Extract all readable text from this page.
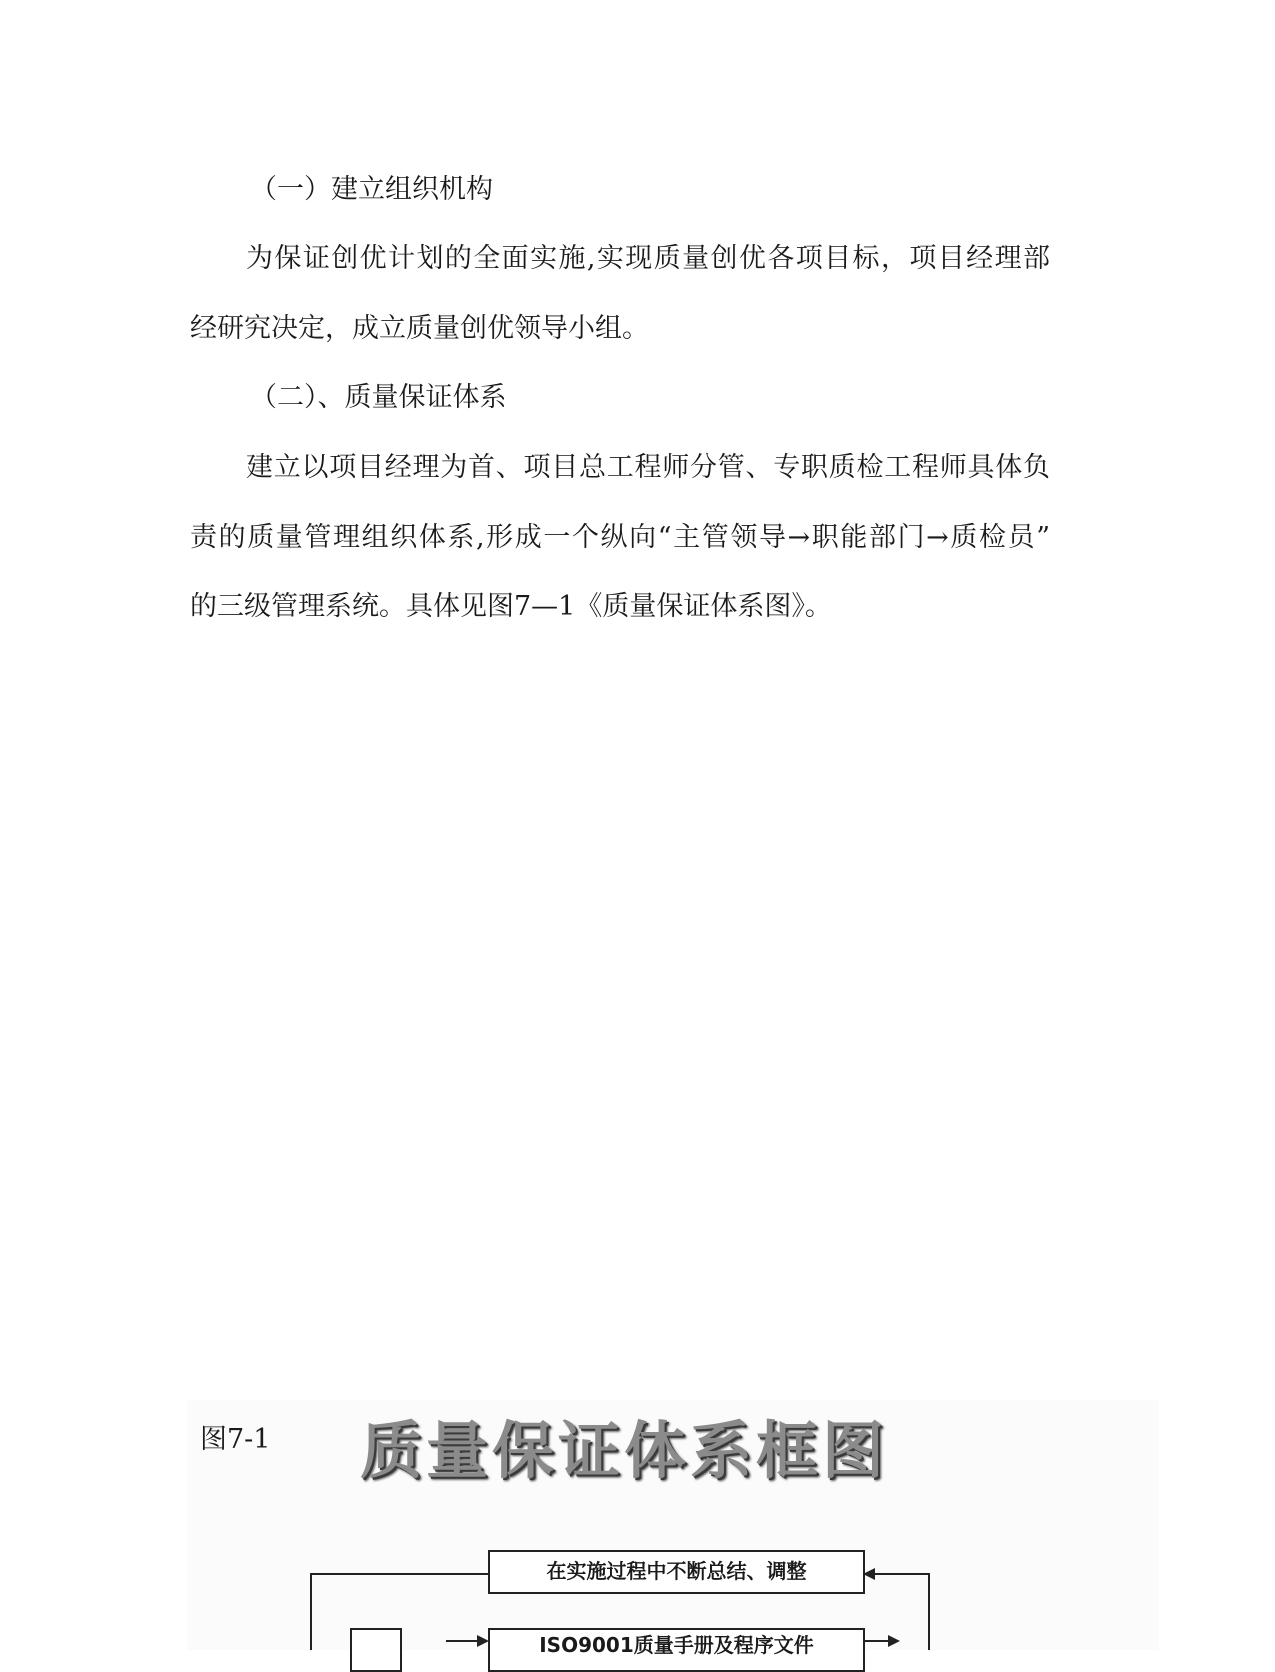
（一）建立组织机构
为保证创优计划的全面实施,实现质量创优各项目标，项目经理部
经研究决定，成立质量创优领导小组。
（二）、质量保证体系
建立以项目经理为首、项目总工程师分管、专职质检工程师具体负
责的质量管理组织体系,形成一个纵向“主管领导→职能部门→质检员”
的三级管理系统。具体见图7—1《质量保证体系图》。
图7-1 质量保证体系框图
在实施过程中不断总结、调整
ISO9001质量手册及程序文件
